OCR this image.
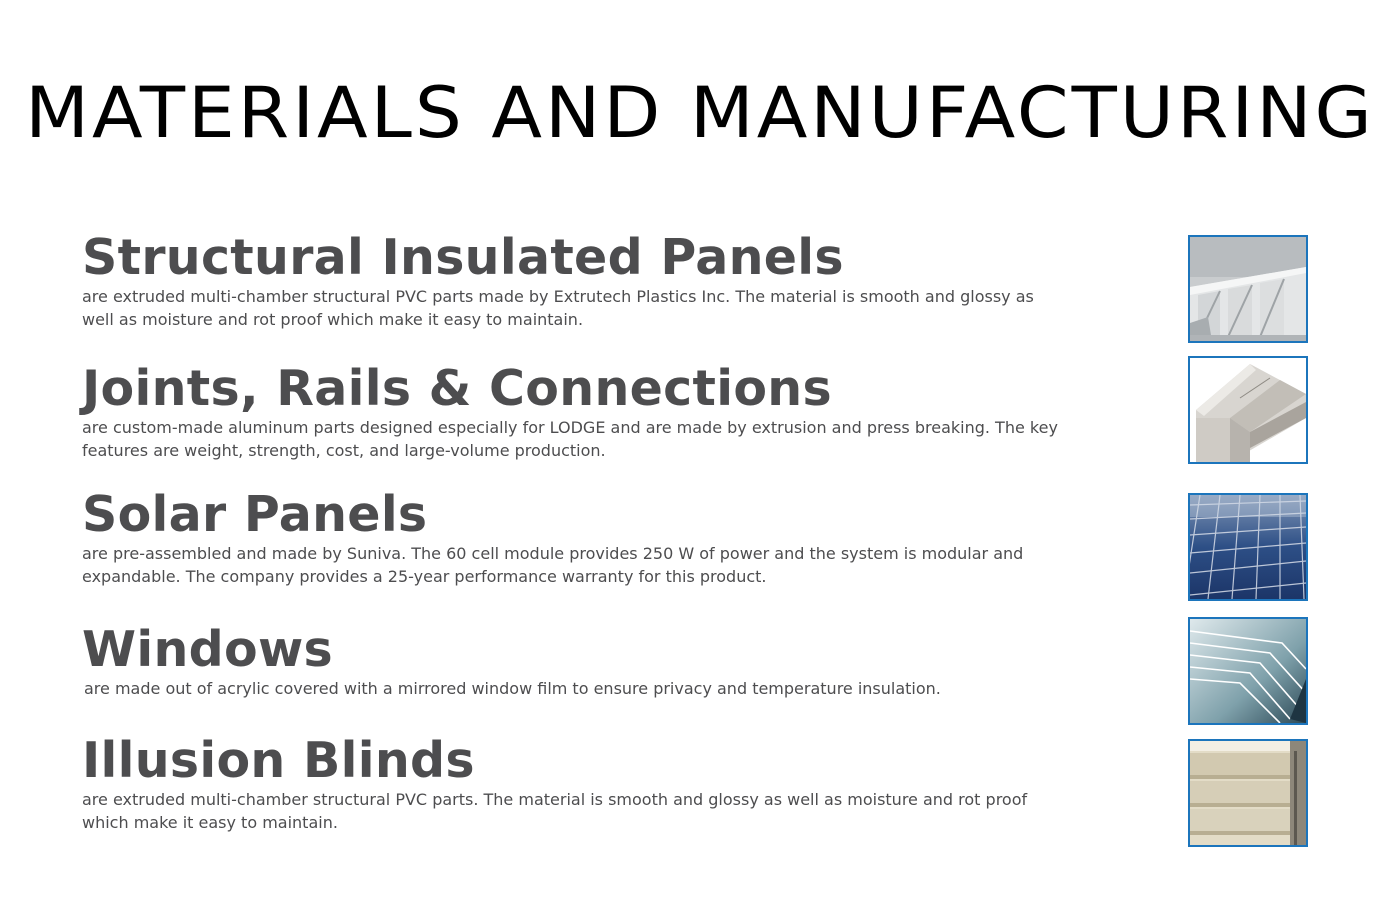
MATERIALS AND MANUFACTURING
Structural Insulated Panels

are extruded multi-chamber structural PVC parts made by Extrutech Plastics Inc. The material is smooth and glossy as well as moisture and rot proof which make it easy to maintain.

Joints, Rails & Connections

are custom-made aluminum parts designed especially for LODGE and are made by extrusion and press breaking. The key features are weight, strength, cost, and large-volume production.

Solar Panels

are pre-assembled and made by Suniva. The 60 cell module provides 250 W of power and the system is modular and expandable. The company provides a 25-year performance warranty for this product.

Windows

are made out of acrylic covered with a mirrored window film to ensure privacy and temperature insulation.

Illusion Blinds

are extruded multi-chamber structural PVC parts. The material is smooth and glossy as well as moisture and rot proof which make it easy to maintain.
